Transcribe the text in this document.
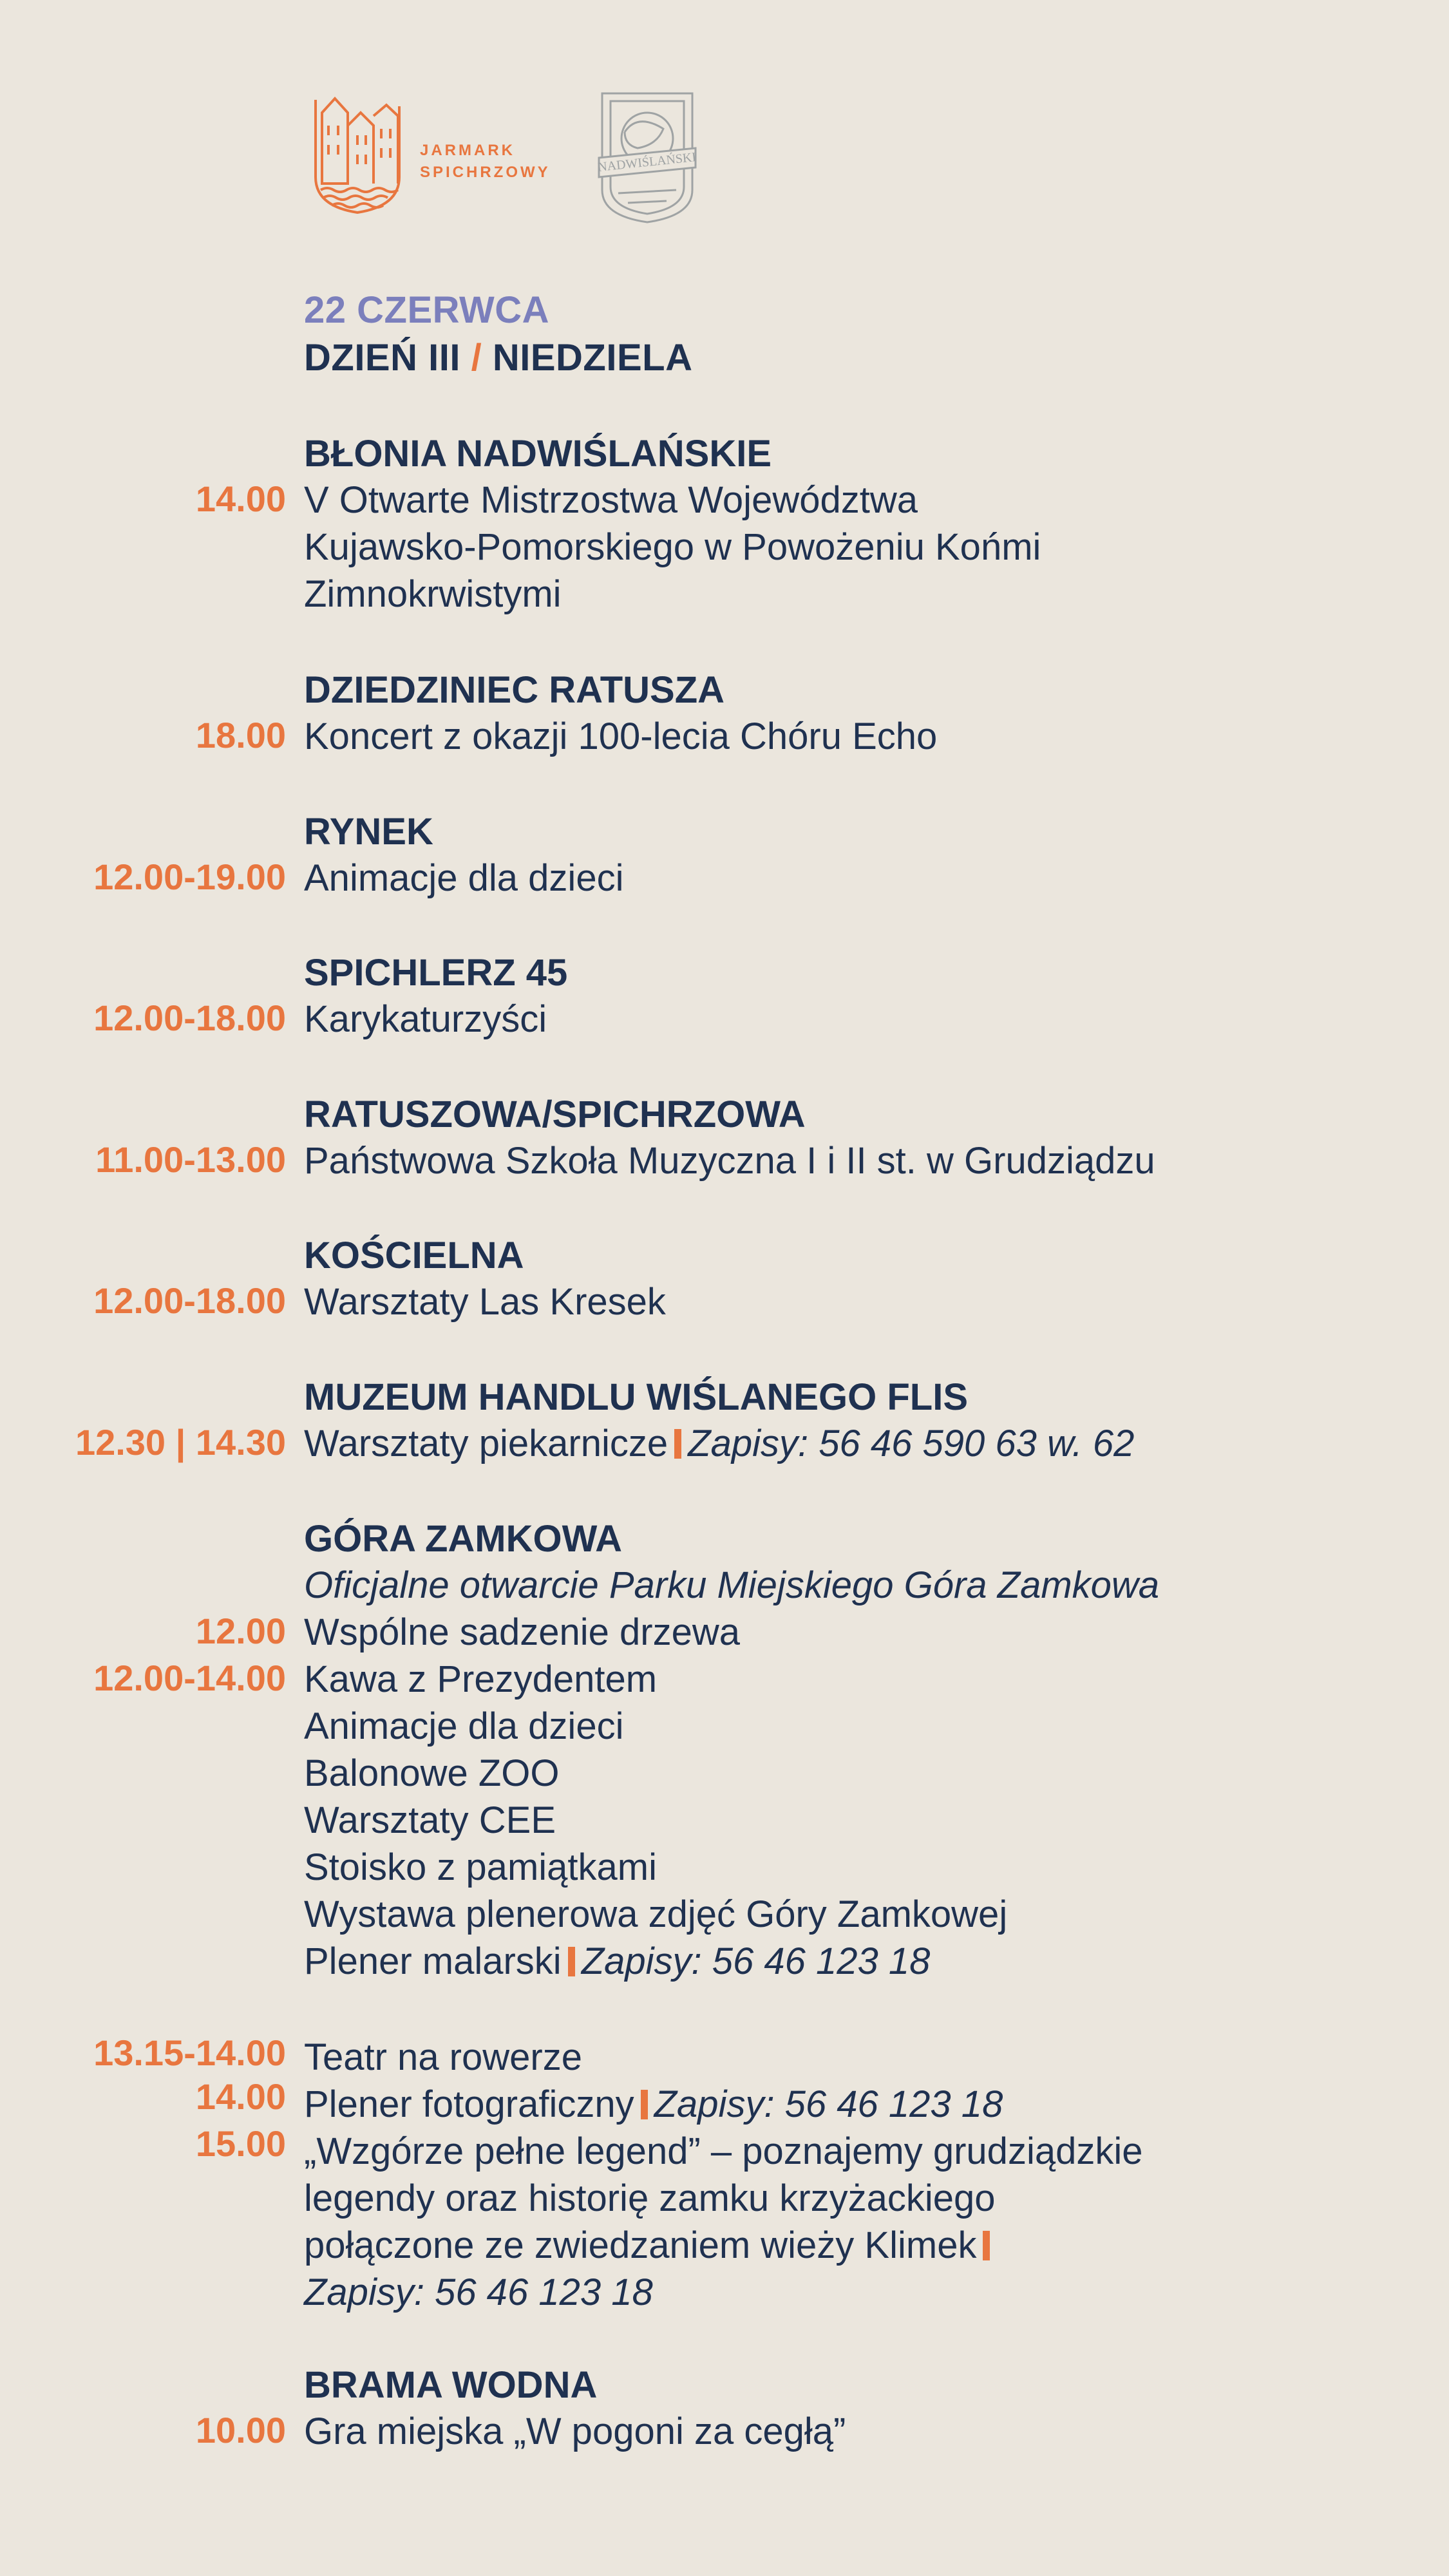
JARMARK
SPICHRZOWY	NADWIŚLAŃSKI
22 CZERWCA
DZIEŃ III / NIEDZIELA
BŁONIA NADWIŚLAŃSKIE
14.00 V Otwarte Mistrzostwa Województwa
Kujawsko-Pomorskiego w Powożeniu Końmi
Zimnokrwistymi
DZIEDZINIEC RATUSZA
18.00 Koncert z okazji 100-lecia Chóru Echo
RYNEK
12.00-19.00 Animacje dla dzieci
SPICHLERZ 45
12.00-18.00 Karykaturzyści
RATUSZOWA/SPICHRZOWA
11.00-13.00 Państwowa Szkoła Muzyczna I i II st. w Grudziądzu
KOŚCIELNA
12.00-18.00 Warsztaty Las Kresek
MUZEUM HANDLU WIŚLANEGO FLIS
12.30 | 14.30 Warsztaty piekarnicze Zapisy: 56 46 590 63 w. 62
GÓRA ZAMKOWA
Oficjalne otwarcie Parku Miejskiego Góra Zamkowa
12.00 Wspólne sadzenie drzewa
12.00-14.00 Kawa z Prezydentem
Animacje dla dzieci
Balonowe ZOO
Warsztaty CEE
Stoisko z pamiątkami
Wystawa plenerowa zdjęć Góry Zamkowej
Plener malarski Zapisy: 56 46 123 18
13.15-14.00 Teatr na rowerze
14.00 Plener fotograficzny Zapisy: 56 46 123 18
15.00 „Wzgórze pełne legend” – poznajemy grudziądzkie
legendy oraz historię zamku krzyżackiego
połączone ze zwiedzaniem wieży Klimek
Zapisy: 56 46 123 18
BRAMA WODNA
10.00 Gra miejska „W pogoni za cegłą”
